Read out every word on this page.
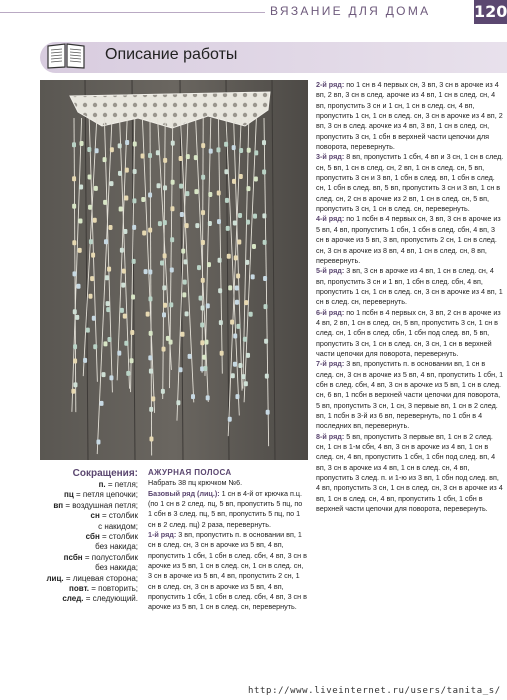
ВЯЗАНИЕ ДЛЯ ДОМА	120
Описание работы
Сокращения:
п. = петля;
пц = петля цепочки;
вп = воздушная петля;
сн = столбик
с накидом;
сбн = столбик
без накида;
псбн = полустолбик
без накида;
лиц. = лицевая сторона;
повт. = повторить;
след. = следующий.
АЖУРНАЯ ПОЛОСА

Набрать 38 пц крючком №6.

Базовый ряд (лиц.): 1 сн в 4-й от крючка п.ц. (по 1 сн в 2 след. пц, 5 вп, пропустить 5 пц, по 1 сбн в 3 след. пц, 5 вп, пропустить 5 пц, по 1 сн в 2 след. пц) 2 раза, перевернуть.

1-й ряд: 3 вп, пропустить п. в основании вп, 1 сн в след. сн, 3 сн в арочке из 5 вп, 4 вп, пропустить 1 сбн, 1 сбн в след. сбн, 4 вп, 3 сн в арочке из 5 вп, 1 сн в след. сн, 1 сн в след. сн, 3 сн в арочке из 5 вп, 4 вп, пропустить 2 сн, 1 сн в след. сн, 3 сн в арочке из 5 вп, 4 вп, пропустить 1 сбн, 1 сбн в след. сбн, 4 вп, 3 сн в арочке из 5 вп, 1 сн в след. сн, перевернуть.

2-й ряд: по 1 сн в 4 первых сн, 3 вп, 3 сн в арочке из 4 вп, 2 вп, 3 сн в след. арочке из 4 вп, 1 сн в след. сн, 4 вп, пропустить 3 сн и 1 сн, 1 сн в след. сн, 4 вп, пропустить 1 сн, 1 сн в след. сн, 3 сн в арочке из 4 вп, 2 вп, 3 сн в след. арочке из 4 вп, 3 вп, 1 сн в след. сн, пропустить 3 сн, 1 сбн в верхней части цепочки для поворота, перевернуть.

3-й ряд: 8 вп, пропустить 1 сбн, 4 вп и 3 сн, 1 сн в след. сн, 5 вп, 1 сн в след. сн, 2 вп, 1 сн в след. сн, 5 вп, пропустить 3 сн и 3 вп, 1 сбн в след. вп, 1 сбн в след. сн, 1 сбн в след. вп, 5 вп, пропустить 3 сн и 3 вп, 1 сн в след. сн, 2 сн в арочке из 2 вп, 1 сн в след. сн, 5 вп, пропустить 3 сн, 1 сн в след. сн, перевернуть.

4-й ряд: по 1 псбн в 4 первых сн, 3 вп, 3 сн в арочке из 5 вп, 4 вп, пропустить 1 сбн, 1 сбн в след. сбн, 4 вп, 3 сн в арочке из 5 вп, 3 вп, пропустить 2 сн, 1 сн в след. сн, 3 сн в арочке из 8 вп, 4 вп, 1 сн в след. сн, 8 вп, перевернуть.

5-й ряд: 3 вп, 3 сн в арочке из 4 вп, 1 сн в след. сн, 4 вп, пропустить 3 сн и 1 вп, 1 сбн в след. сбн, 4 вп, пропустить 1 сн, 1 сн в след. сн, 3 сн в арочке из 4 вп, 1 сн в след. сн, перевернуть.

6-й ряд: по 1 псбн в 4 первых сн, 3 вп, 2 сн в арочке из 4 вп, 2 вп, 1 сн в след. сн, 5 вп, пропустить 3 сн, 1 сн в след. сн, 1 сбн в след. сбн, 1 сбн под след. вп, 5 вп, пропустить 3 сн, 1 сн в след. сн, 3 сн, 1 сн в верхней части цепочки для поворота, перевернуть.

7-й ряд: 3 вп, пропустить п. в основании вп, 1 сн в след. сн, 3 сн в арочке из 5 вп, 4 вп, пропустить 1 сбн, 1 сбн в след. сбн, 4 вп, 3 сн в арочке из 5 вп, 1 сн в след. сн, 6 вп, 1 псбн в верхней части цепочки для поворота, 5 вп, пропустить 3 сн, 1 сн, 3 первые вп, 1 сн в 2 след. вп, 1 псбн в 3-й из 6 вп, перевернуть, по 1 сбн в 4 последних вп, перевернуть.

8-й ряд: 5 вп, пропустить 3 первые вп, 1 сн в 2 след. сн, 1 сн в 1-м сбн, 4 вп, 3 сн в арочке из 4 вп, 1 сн в след. сн, 4 вп, пропустить 1 сбн, 1 сбн под след. вп, 4 вп, 3 сн в арочке из 4 вп, 1 сн в след. сн, 4 вп, пропустить 3 след. п. и 1-ю из 3 вп, 1 сбн под след. вп, 4 вп, пропустить 3 сн, 1 сн в след. сн, 3 сн в арочке из 4 вп, 1 сн в след. сн, 4 вп, пропустить 1 сбн, 1 сбн в верхней части цепочки для поворота, перевернуть.

http://www.liveinternet.ru/users/tanita_s/
